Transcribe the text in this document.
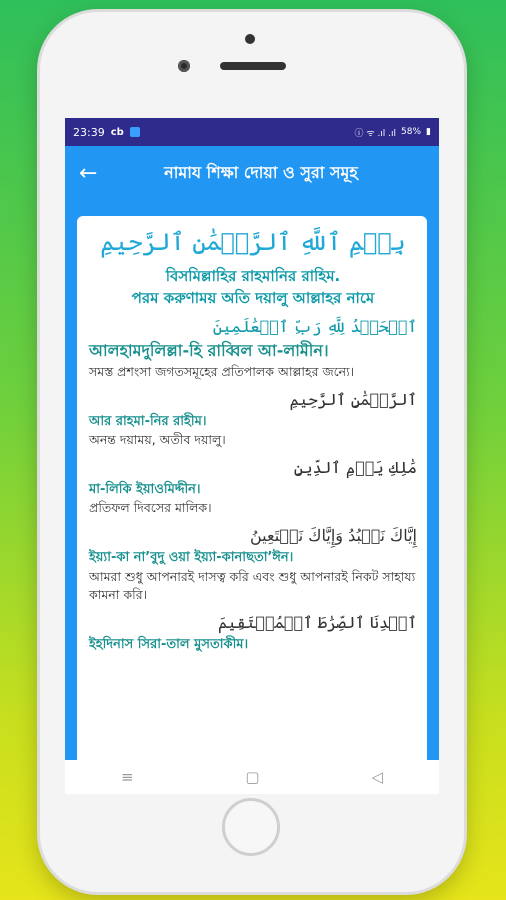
23:39 cb	ⓘ ᯤ .ıl .ıl 58% ▮
←	নামায শিক্ষা দোয়া ও সুরা সমূহ
بِسۡمِ ٱللَّهِ ٱلرَّحۡمَٰنِ ٱلرَّحِيمِ
বিসমিল্লাহির রাহমানির রাহিম.
পরম করুণাময় অতি দয়ালু আল্লাহর নামে
ٱلۡحَمۡدُ لِلَّهِ رَبِّ ٱلۡعَٰلَمِينَ
আলহামদুলিল্লা-হি রাব্বিল আ-লামীন।
সমস্ত প্রশংসা জগতসমূহের প্রতিপালক আল্লাহর জন্যে।
ٱلرَّحۡمَٰنِ ٱلرَّحِيمِ
আর রাহমা-নির রাহীম।
অনন্ত দয়াময়, অতীব দয়ালু।
مَٰلِكِ يَوۡمِ ٱلدِّينِ
মা-লিকি ইয়াওমিদ্দীন।
প্রতিফল দিবসের মালিক।
إِيَّاكَ نَعۡبُدُ وَإِيَّاكَ نَسۡتَعِينُ
ইয়্যা-কা না’বুদু ওয়া ইয়্যা-কানাছতা’ঈন।
আমরা শুধু আপনারই দাসত্ব করি এবং শুধু আপনারই নিকট সাহায্য কামনা করি।
ٱهۡدِنَا ٱلصِّرَٰطَ ٱلۡمُسۡتَقِيمَ
ইহদিনাস সিরা-তাল মুসতাকীম।
≡	▢	◁
